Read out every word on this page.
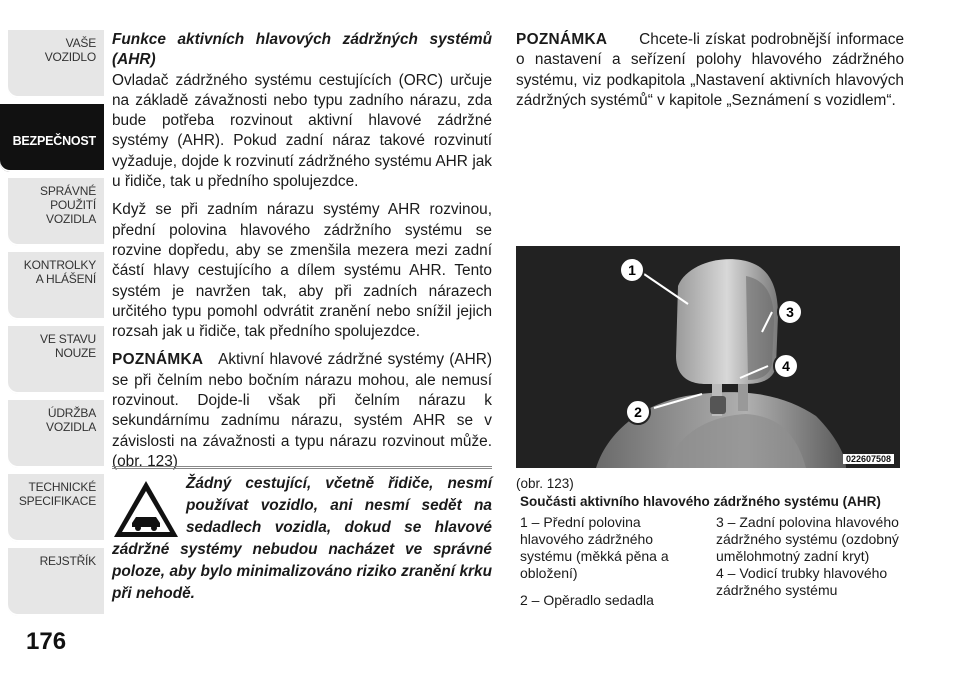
VAŠE
VOZIDLO
BEZPEČNOST
SPRÁVNÉ
POUŽITÍ
VOZIDLA
KONTROLKY
A HLÁŠENÍ
VE STAVU
NOUZE
ÚDRŽBA
VOZIDLA
TECHNICKÉ
SPECIFIKACE
REJSTŘÍK
176

Funkce aktivních hlavových zádržných systémů (AHR)

Ovladač zádržného systému cestujících (ORC) určuje na základě závažnosti nebo typu zadního nárazu, zda bude potřeba rozvinout aktivní hlavové zádržné systémy (AHR). Pokud zadní náraz takové rozvinutí vyžaduje, dojde k rozvinutí zádržného systému AHR jak u řidiče, tak u předního spolujezdce.

Když se při zadním nárazu systémy AHR rozvinou, přední polovina hlavového zádržního systému se rozvine dopředu, aby se zmenšila mezera mezi zadní částí hlavy cestujícího a dílem systému AHR. Tento systém je navržen tak, aby při zadních nárazech určitého typu pomohl odvrátit zranění nebo snížil jejich rozsah jak u řidiče, tak předního spolujezdce.

POZNÁMKA Aktivní hlavové zádržné systémy (AHR) se při čelním nebo bočním nárazu mohou, ale nemusí rozvinout. Dojde-li však při čelním nárazu k sekundárnímu zadnímu nárazu, systém AHR se v závislosti na závažnosti a typu nárazu rozvinout může. (obr. 123)

Žádný cestující, včetně řidiče, nesmí používat vozidlo, ani nesmí sedět na sedadlech vozidla, dokud se hlavové zádržné systémy nebudou nacházet ve správné poloze, aby bylo minimalizováno riziko zranění krku při nehodě.

POZNÁMKA Chcete-li získat podrobnější informace o nastavení a seřízení polohy hlavového zádržného systému, viz podkapitola „Nastavení aktivních hlavových zádržných systémů“ v kapitole „Seznámení s vozidlem“.

1
3
4
2
022607508
(obr. 123)
Součásti aktivního hlavového zádržného systému (AHR)

1 – Přední polovina hlavového zádržného systému (měkká pěna a obložení)

2 – Opěradlo sedadla

3 – Zadní polovina hlavového zádržného systému (ozdobný umělohmotný zadní kryt)

4 – Vodicí trubky hlavového zádržného systému
